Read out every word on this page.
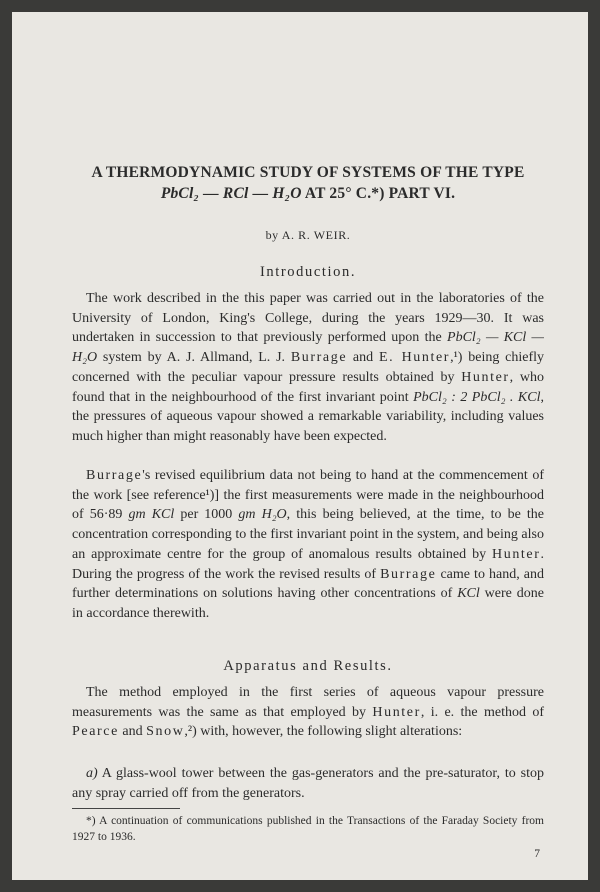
A THERMODYNAMIC STUDY OF SYSTEMS OF THE TYPE
PbCl₂ — RCl — H₂O AT 25° C.*) PART VI.
by A. R. WEIR.
Introduction.
The work described in the this paper was carried out in the laboratories of the University of London, King's College, during the years 1929—30. It was undertaken in succession to that previously performed upon the PbCl₂ — KCl — H₂O system by A. J. Allmand, L. J. Burrage and E. Hunter,¹) being chiefly concerned with the peculiar vapour pressure results obtained by Hunter, who found that in the neighbourhood of the first invariant point PbCl₂ : 2 PbCl₂ . KCl, the pressures of aqueous vapour showed a remarkable variability, including values much higher than might reasonably have been expected.
Burrage's revised equilibrium data not being to hand at the commencement of the work [see reference¹)] the first measurements were made in the neighbourhood of 56·89 gm KCl per 1000 gm H₂O, this being believed, at the time, to be the concentration corresponding to the first invariant point in the system, and being also an approximate centre for the group of anomalous results obtained by Hunter. During the progress of the work the revised results of Burrage came to hand, and further determinations on solutions having other concentrations of KCl were done in accordance therewith.
Apparatus and Results.
The method employed in the first series of aqueous vapour pressure measurements was the same as that employed by Hunter, i. e. the method of Pearce and Snow,²) with, however, the following slight alterations:
a) A glass-wool tower between the gas-generators and the pre-saturator, to stop any spray carried off from the generators.
*) A continuation of communications published in the Transactions of the Faraday Society from 1927 to 1936.
7
